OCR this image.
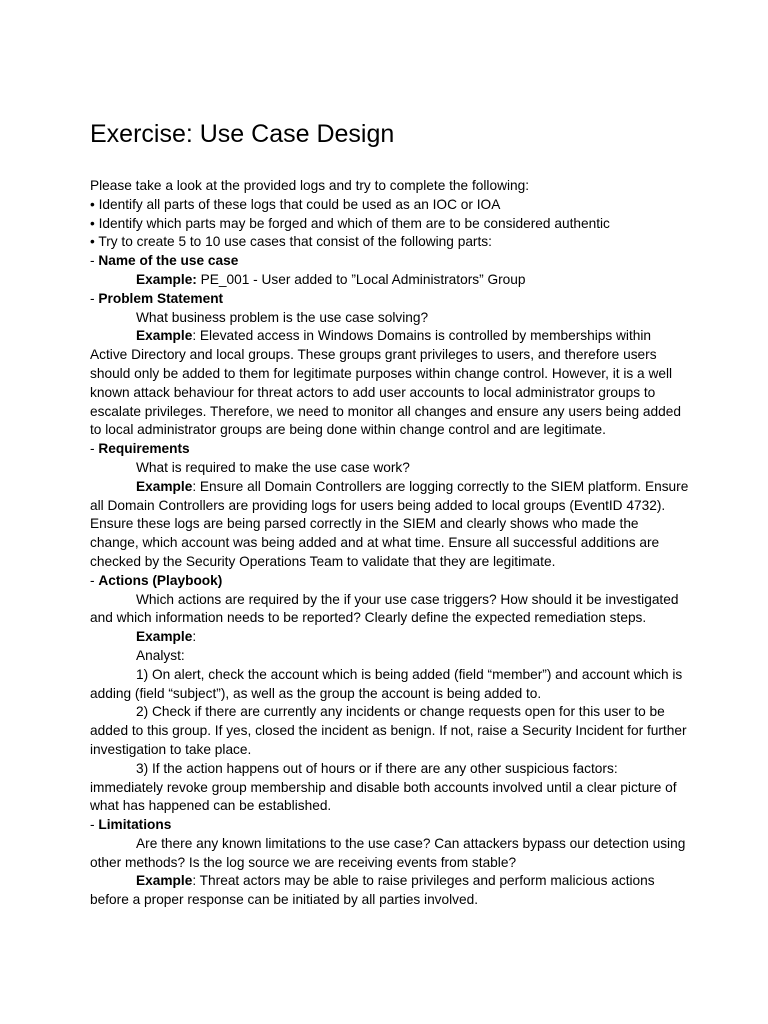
Exercise: Use Case Design

Please take a look at the provided logs and try to complete the following:

• Identify all parts of these logs that could be used as an IOC or IOA

• Identify which parts may be forged and which of them are to be considered authentic

• Try to create 5 to 10 use cases that consist of the following parts:

- Name of the use case

Example: PE_001 - User added to ”Local Administrators” Group

- Problem Statement

What business problem is the use case solving?

Example: Elevated access in Windows Domains is controlled by memberships within Active Directory and local groups. These groups grant privileges to users, and therefore users should only be added to them for legitimate purposes within change control. However, it is a well known attack behaviour for threat actors to add user accounts to local administrator groups to escalate privileges. Therefore, we need to monitor all changes and ensure any users being added to local administrator groups are being done within change control and are legitimate.

- Requirements

What is required to make the use case work?

Example: Ensure all Domain Controllers are logging correctly to the SIEM platform. Ensure all Domain Controllers are providing logs for users being added to local groups (EventID 4732). Ensure these logs are being parsed correctly in the SIEM and clearly shows who made the change, which account was being added and at what time. Ensure all successful additions are checked by the Security Operations Team to validate that they are legitimate.

- Actions (Playbook)

Which actions are required by the if your use case triggers? How should it be investigated and which information needs to be reported? Clearly define the expected remediation steps.

Example:

Analyst:

1) On alert, check the account which is being added (field “member”) and account which is adding (field “subject”), as well as the group the account is being added to.

2) Check if there are currently any incidents or change requests open for this user to be added to this group. If yes, closed the incident as benign. If not, raise a Security Incident for further investigation to take place.

3) If the action happens out of hours or if there are any other suspicious factors: immediately revoke group membership and disable both accounts involved until a clear picture of what has happened can be established.

- Limitations

Are there any known limitations to the use case? Can attackers bypass our detection using other methods? Is the log source we are receiving events from stable?

Example: Threat actors may be able to raise privileges and perform malicious actions before a proper response can be initiated by all parties involved.
